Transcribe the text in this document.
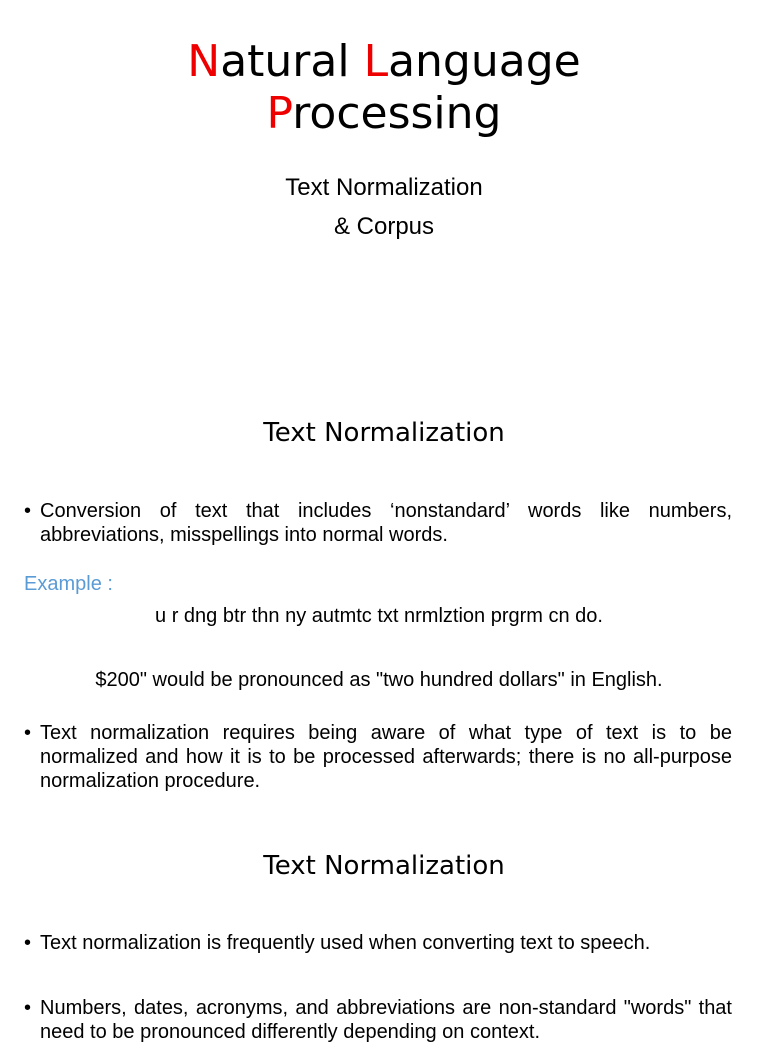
Natural Language
Processing

Text Normalization
& Corpus

Text Normalization
• Conversion of text that includes ‘nonstandard’ words like numbers, abbreviations, misspellings into normal words.
Example :
u r dng btr thn ny autmtc txt nrmlztion prgrm cn do.
$200" would be pronounced as "two hundred dollars" in English.
• Text normalization requires being aware of what type of text is to be normalized and how it is to be processed afterwards; there is no all-purpose normalization procedure.
Text Normalization
• Text normalization is frequently used when converting text to speech.
• Numbers, dates, acronyms, and abbreviations are non-standard "words" that need to be pronounced differently depending on context.
